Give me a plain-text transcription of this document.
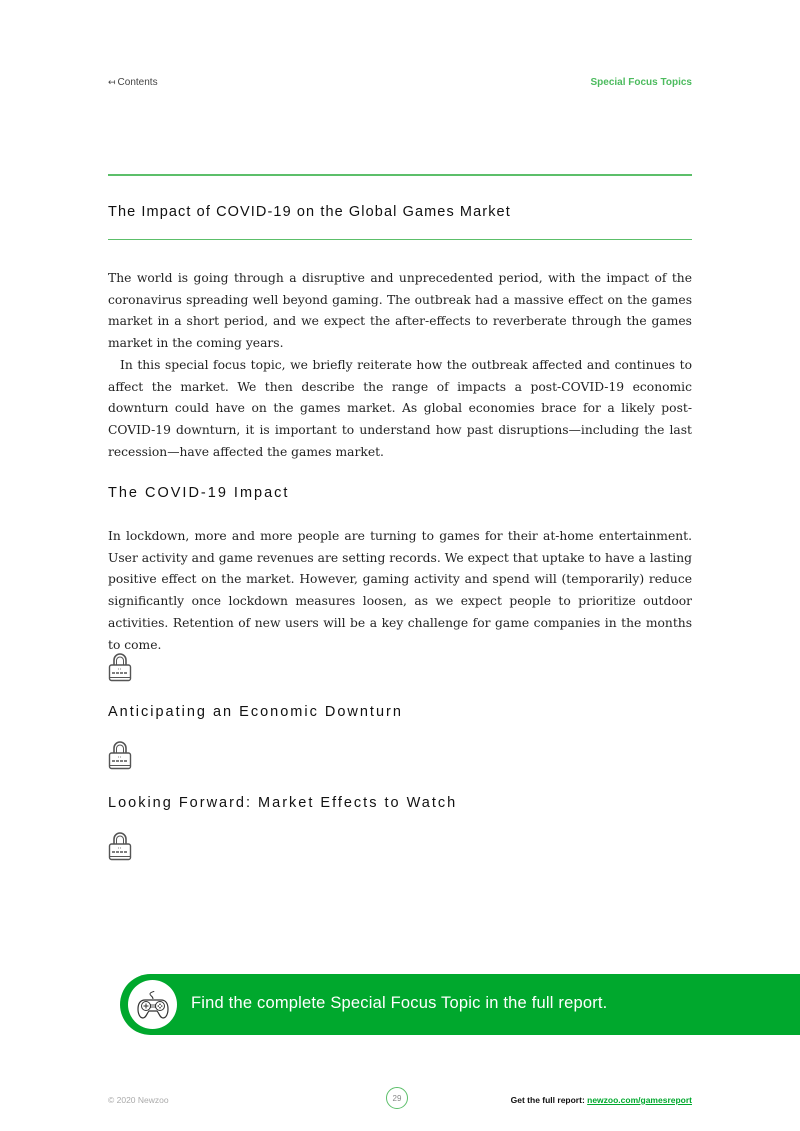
↤ Contents	Special Focus Topics
The Impact of COVID-19 on the Global Games Market

The world is going through a disruptive and unprecedented period, with the impact of the coronavirus spreading well beyond gaming. The outbreak had a massive effect on the games market in a short period, and we expect the after-effects to reverberate through the games market in the coming years.

In this special focus topic, we briefly reiterate how the outbreak affected and continues to affect the market. We then describe the range of impacts a post-COVID-19 economic downturn could have on the games market. As global economies brace for a likely post-COVID-19 downturn, it is important to understand how past disruptions—including the last recession—have affected the games market.

The COVID-19 Impact

In lockdown, more and more people are turning to games for their at-home entertainment. User activity and game revenues are setting records. We expect that uptake to have a lasting positive effect on the market. However, gaming activity and spend will (temporarily) reduce significantly once lockdown measures loosen, as we expect people to prioritize outdoor activities. Retention of new users will be a key challenge for game companies in the months to come.

Anticipating an Economic Downturn
Looking Forward: Market Effects to Watch
Find the complete Special Focus Topic in the full report.
© 2020 Newzoo	29	Get the full report: newzoo.com/gamesreport
